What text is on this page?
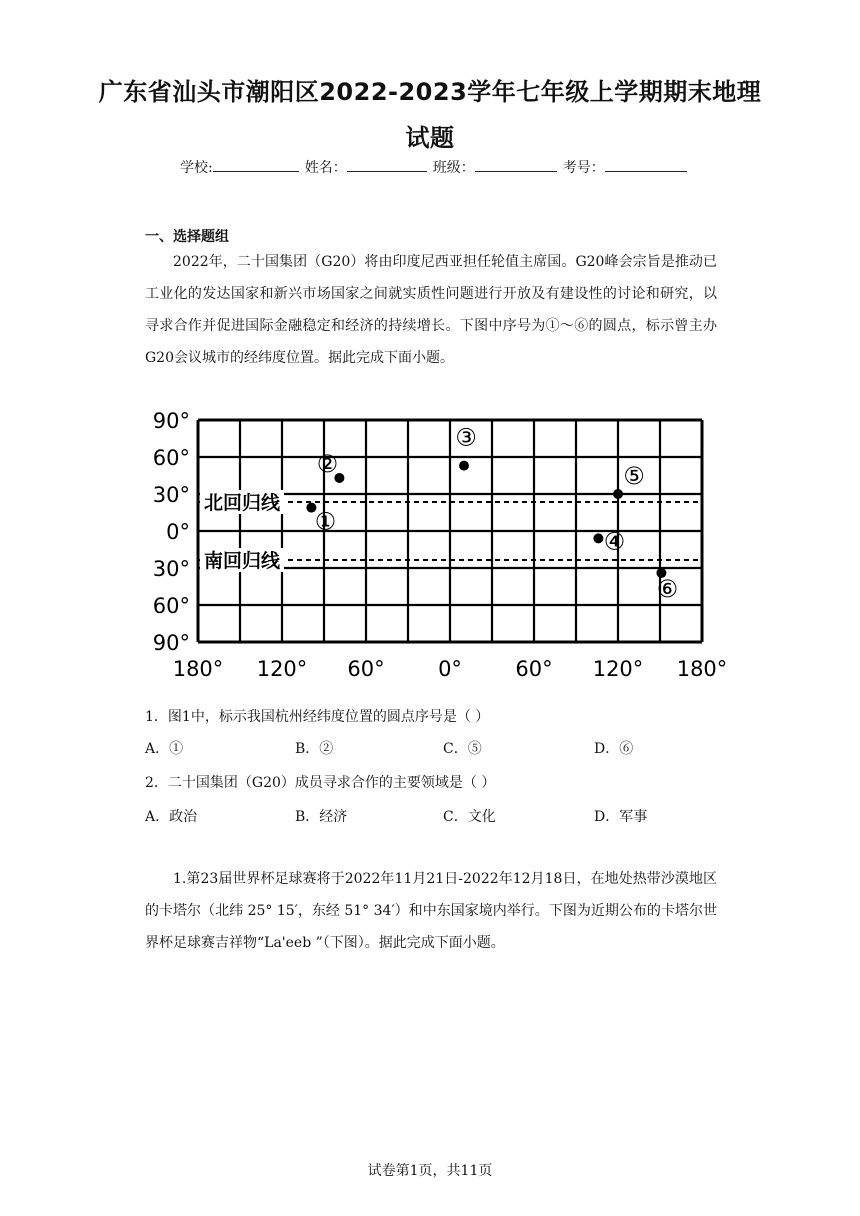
广东省汕头市潮阳区2022-2023学年七年级上学期期末地理
试题
学校:	姓名：	班级：	考号：
一、选择题组
2022年，二十国集团（G20）将由印度尼西亚担任轮值主席国。G20峰会宗旨是推动已工业化的发达国家和新兴市场国家之间就实质性问题进行开放及有建设性的讨论和研究，以寻求合作并促进国际金融稳定和经济的持续增长。下图中序号为①～⑥的圆点，标示曾主办G20会议城市的经纬度位置。据此完成下面小题。
北回归线
南回归线
90°
60°
30°
0°
30°
60°
90°
180° 120° 60°	0°	60° 120° 180°
①
②
③
④
⑤
⑥
1．图1中，标示我国杭州经纬度位置的圆点序号是（ ）
A．①	B．②	C．⑤	D．⑥
2．二十国集团（G20）成员寻求合作的主要领域是（ ）
A．政治	B．经济	C．文化	D．军事
1.第23届世界杯足球赛将于2022年11月21日-2022年12月18日，在地处热带沙漠地区的卡塔尔（北纬 25° 15′，东经 51° 34′）和中东国家境内举行。下图为近期公布的卡塔尔世界杯足球赛吉祥物“La'eeb ”（下图）。据此完成下面小题。
试卷第1页，共11页
